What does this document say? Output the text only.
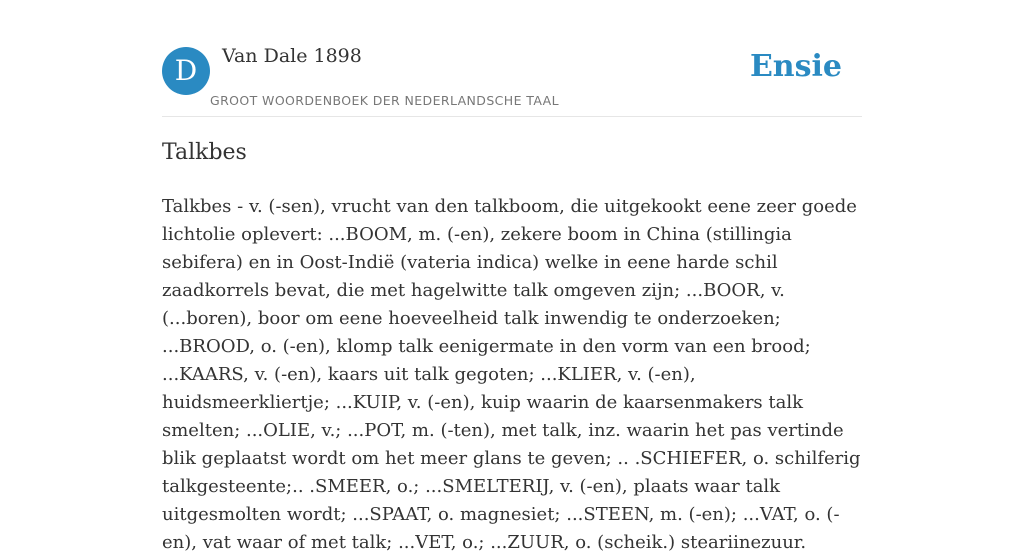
D	Van Dale 1898
GROOT WOORDENBOEK DER NEDERLANDSCHE TAAL
Ensie
Talkbes

Talkbes - v. (-sen), vrucht van den talkboom, die uitgekookt eene zeer goede lichtolie oplevert: ...BOOM, m. (-en), zekere boom in China (stillingia sebifera) en in Oost-Indië (vateria indica) welke in eene harde schil zaadkorrels bevat, die met hagelwitte talk omgeven zijn; ...BOOR, v. (...boren), boor om eene hoeveelheid talk inwendig te onderzoeken; ...BROOD, o. (-en), klomp talk eenigermate in den vorm van een brood; ...KAARS, v. (-en), kaars uit talk gegoten; ...KLIER, v. (-en), huidsmeerkliertje; ...KUIP, v. (-en), kuip waarin de kaarsenmakers talk smelten; ...OLIE, v.; ...POT, m. (-ten), met talk, inz. waarin het pas vertinde blik geplaatst wordt om het meer glans te geven; .. .SCHIEFER, o. schilferig talkgesteente;.. .SMEER, o.; ...SMELTERIJ, v. (-en), plaats waar talk uitgesmolten wordt; ...SPAAT, o. magnesiet; ...STEEN, m. (-en); ...VAT, o. (-en), vat waar of met talk; ...VET, o.; ...ZUUR, o. (scheik.) steariinezuur.
